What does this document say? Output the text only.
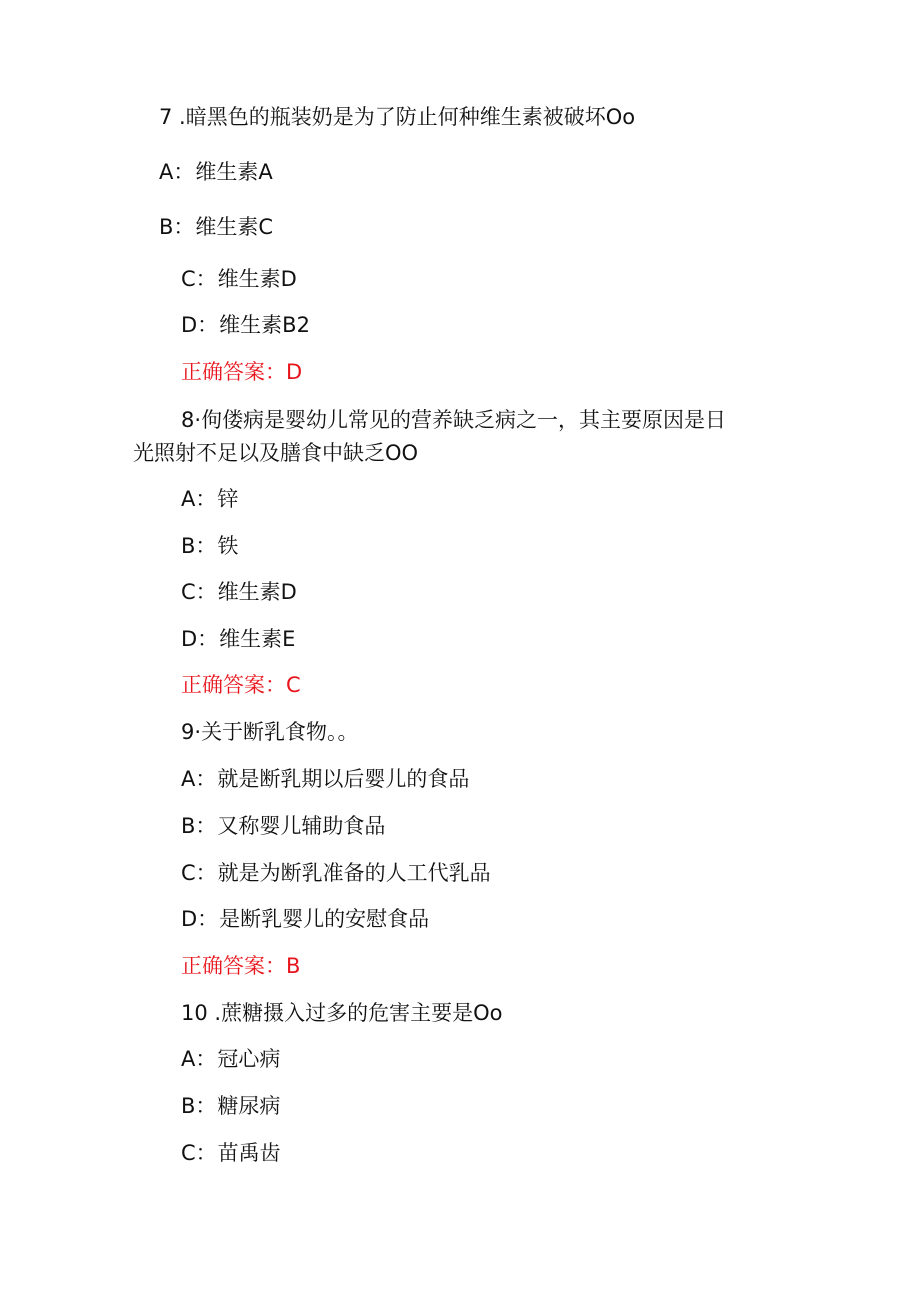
7 .暗黑色的瓶装奶是为了防止何种维生素被破坏Oo
A：维生素A
B：维生素C
C：维生素D
D：维生素B2
正确答案：D
8·佝偻病是婴幼儿常见的营养缺乏病之一，其主要原因是日
光照射不足以及膳食中缺乏OO
A：锌
B：铁
C：维生素D
D：维生素E
正确答案：C
9·关于断乳食物。。
A：就是断乳期以后婴儿的食品
B：又称婴儿辅助食品
C：就是为断乳准备的人工代乳品
D：是断乳婴儿的安慰食品
正确答案：B
10 .蔗糖摄入过多的危害主要是Oo
A：冠心病
B：糖尿病
C：苗禹齿
